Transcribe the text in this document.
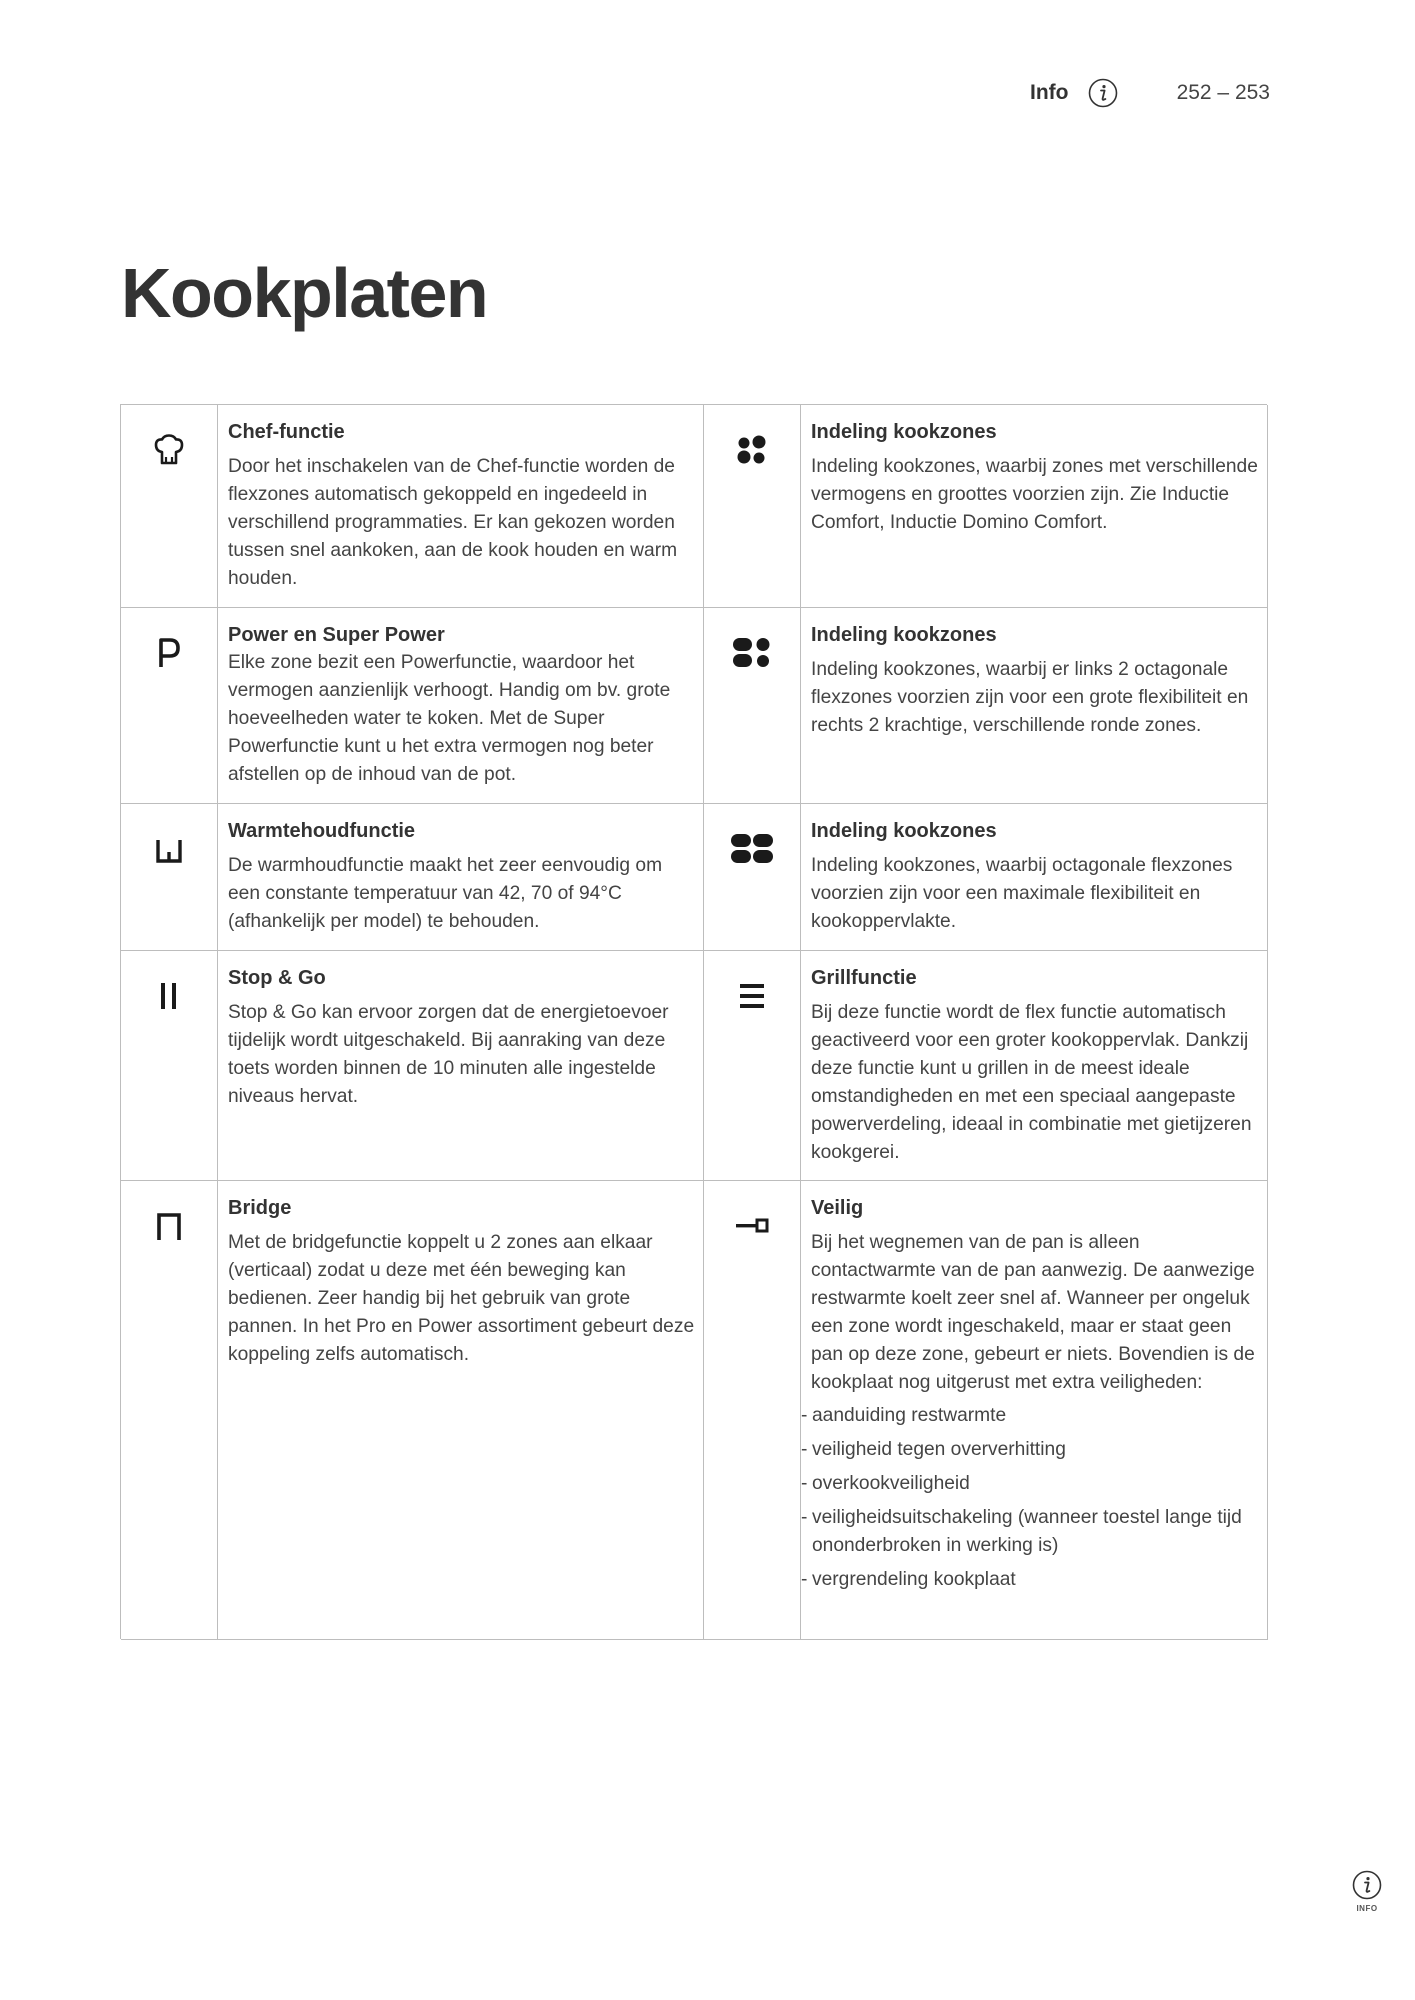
Info	252 – 253
Kookplaten
Chef-functie
Door het inschakelen van de Chef-functie worden de flexzones automatisch gekoppeld en ingedeeld in verschillend programmaties. Er kan gekozen worden tussen snel aankoken, aan de kook houden en warm houden.
Indeling kookzones
Indeling kookzones, waarbij zones met verschillende vermogens en groottes voorzien zijn. Zie Inductie Comfort, Inductie Domino Comfort.
Power en Super Power
Elke zone bezit een Powerfunctie, waardoor het vermogen aanzienlijk verhoogt. Handig om bv. grote hoeveelheden water te koken. Met de Super Powerfunctie kunt u het extra vermogen nog beter afstellen op de inhoud van de pot.
Indeling kookzones
Indeling kookzones, waarbij er links 2 octagonale flexzones voorzien zijn voor een grote flexibiliteit en rechts 2 krachtige, verschillende ronde zones.
Warmtehoudfunctie
De warmhoudfunctie maakt het zeer eenvoudig om een constante temperatuur van 42, 70 of 94°C (afhankelijk per model) te behouden.
Indeling kookzones
Indeling kookzones, waarbij octagonale flexzones voorzien zijn voor een maximale flexibiliteit en kookoppervlakte.
Stop & Go
Stop & Go kan ervoor zorgen dat de energietoevoer tijdelijk wordt uitgeschakeld. Bij aanraking van deze toets worden binnen de 10 minuten alle ingestelde niveaus hervat.
Grillfunctie
Bij deze functie wordt de flex functie automatisch geactiveerd voor een groter kookoppervlak. Dankzij deze functie kunt u grillen in de meest ideale omstandigheden en met een speciaal aangepaste powerverdeling, ideaal in combinatie met gietijzeren kookgerei.
Bridge
Met de bridgefunctie koppelt u 2 zones aan elkaar (verticaal) zodat u deze met één beweging kan bedienen. Zeer handig bij het gebruik van grote pannen. In het Pro en Power assortiment gebeurt deze koppeling zelfs automatisch.
Veilig
Bij het wegnemen van de pan is alleen contactwarmte van de pan aanwezig. De aanwezige restwarmte koelt zeer snel af. Wanneer per ongeluk een zone wordt ingeschakeld, maar er staat geen pan op deze zone, gebeurt er niets. Bovendien is de kookplaat nog uitgerust met extra veiligheden:
- aanduiding restwarmte
- veiligheid tegen oververhitting
- overkookveiligheid
- veiligheidsuitschakeling (wanneer toestel lange tijd ononderbroken in werking is)
- vergrendeling kookplaat
INFO
